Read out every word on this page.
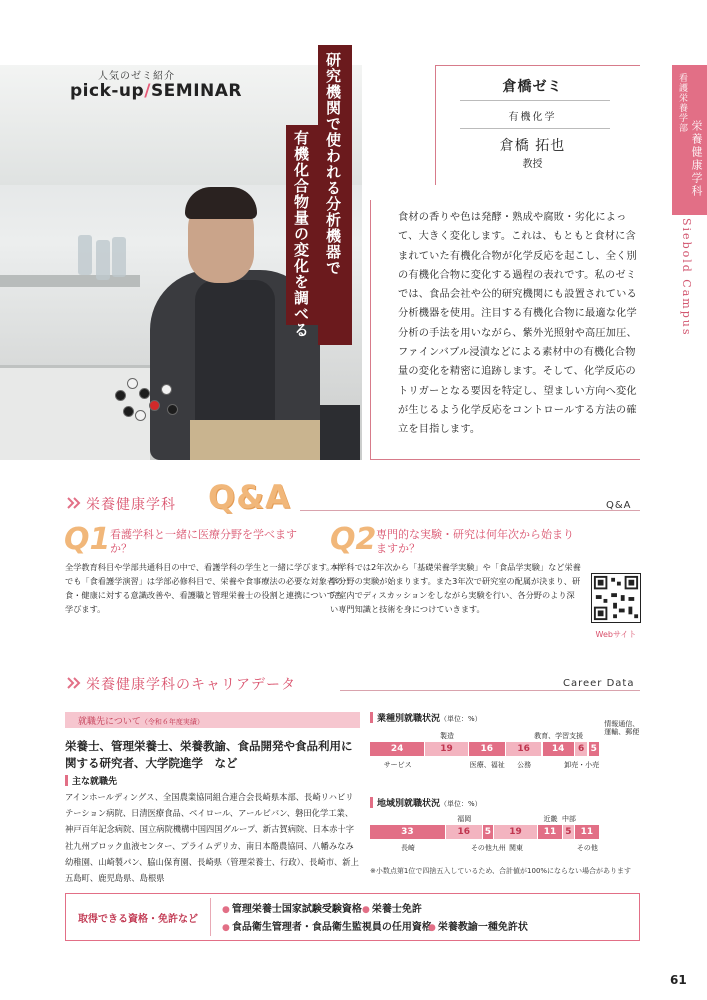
人気のゼミ紹介
pick-up/SEMINAR	研究機関で使われる分析機器で
有機化合物量の変化を調べる
倉橋ゼミ
有機化学
倉橋 拓也
教授

食材の香りや色は発酵・熟成や腐敗・劣化によって、大きく変化します。これは、もともと食材に含まれていた有機化合物が化学反応を起こし、全く別の有機化合物に変化する過程の表れです。私のゼミでは、食品会社や公的研究機関にも設置されている分析機器を使用。注目する有機化合物に最適な化学分析の手法を用いながら、紫外光照射や高圧加圧、ファインバブル浸漬などによる素材中の有機化合物量の変化を精密に追跡します。そして、化学反応のトリガーとなる要因を特定し、望ましい方向へ変化が生じるよう化学反応をコントロールする方法の確立を目指します。

看護栄養学部
栄養健康学科
Siebold Campus
栄養健康学科 Q&A	Q&A
Q1 看護学科と一緒に医療分野を学べますか？

全学教育科目や学部共通科目の中で、看護学科の学生と一緒に学びます。中でも「食看護学演習」は学部必修科目で、栄養や食事療法の必要な対象者の食・健康に対する意識改善や、看護職と管理栄養士の役割と連携についても学びます。

Q2 専門的な実験・研究は何年次から始まりますか？

本学科では2年次から「基礎栄養学実験」や「食品学実験」など栄養学分野の実験が始まります。また3年次で研究室の配属が決まり、研究室内でディスカッションをしながら実験を行い、各分野のより深い専門知識と技術を身につけていきます。

Webサイト
栄養健康学科のキャリアデータ	Career Data
就職先について（令和６年度実績）

栄養士、管理栄養士、栄養教諭、食品開発や食品利用に関する研究者、大学院進学　など

主な就職先

アインホールディングス、全国農業協同組合連合会長崎県本部、長崎リハビリテーション病院、日清医療食品、ベイロール、アールビバン、磐田化学工業、神戸百年記念病院、国立病院機構中国四国グループ、新古賀病院、日本赤十字社九州ブロック血液センター、プライムデリカ、南日本酪農協同、八幡みなみ幼稚園、山崎製パン、脇山保育園、長崎県（管理栄養士、行政）、長崎市、新上五島町、鹿児島県、島根県

業種別就職状況（単位：%）
24
サービス
19
製造
16
医療、福祉
16
公務
14
教育、学習支援
6
卸売・小売
5
情報通信、運輸、郵便
地域別就職状況（単位：%）
33
長崎
16
福岡
5
その他九州
19
関東
11
近畿
5
中部
11
その他
※小数点第1位で四捨五入しているため、合計値が100%にならない場合があります
取得できる資格・免許など
● 管理栄養士国家試験受験資格	● 栄養士免許
● 食品衛生管理者・食品衛生監視員の任用資格 ● 栄養教諭一種免許状
61
